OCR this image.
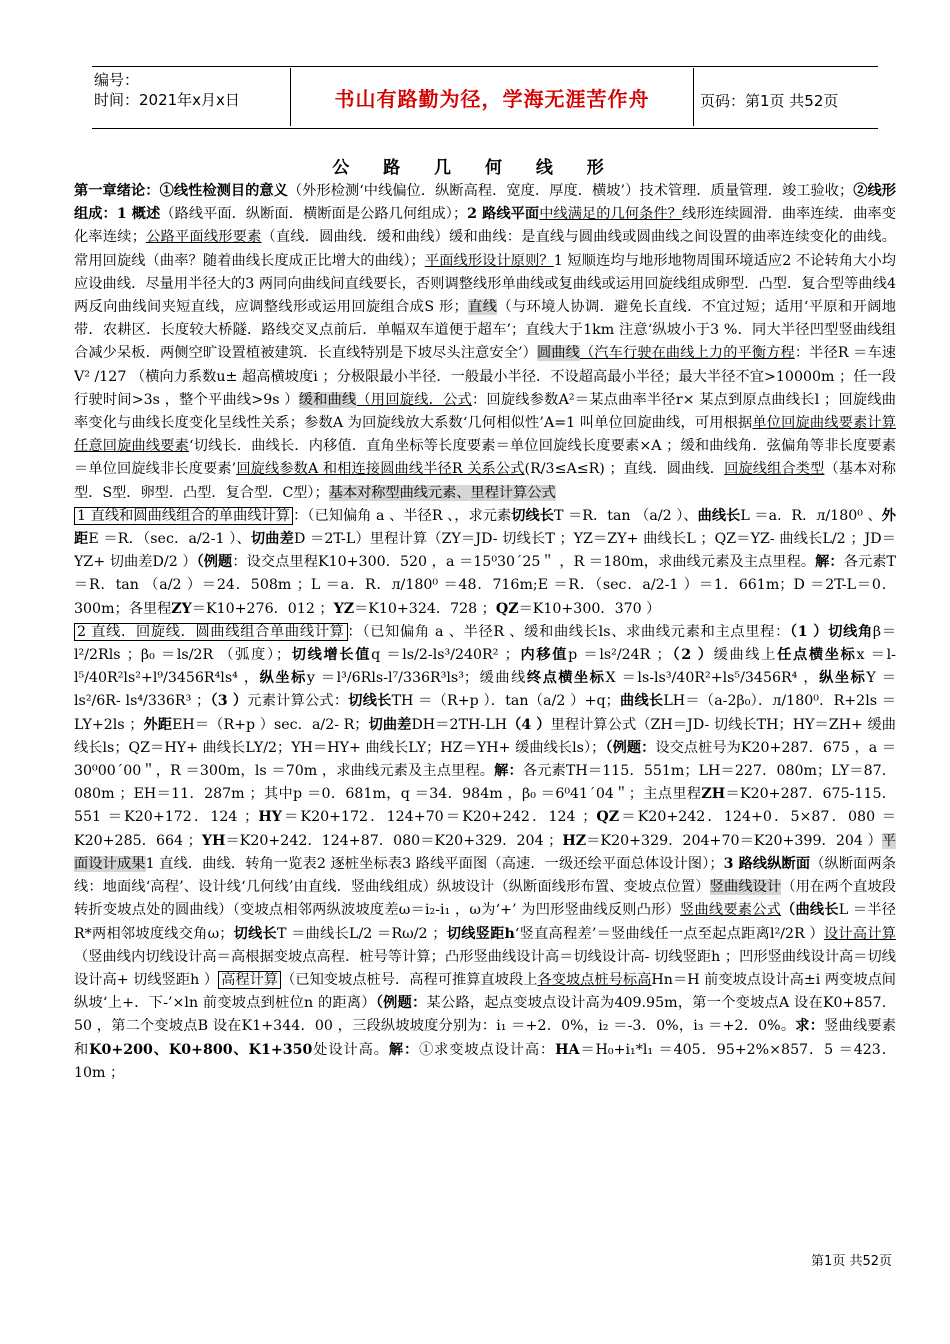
编号：
时间：2021年x月x日	书山有路勤为径，学海无涯苦作舟	页码：第1页 共52页
公 路 几 何 线 形

第一章绪论：①线性检测目的意义（外形检测‘中线偏位．纵断高程．宽度．厚度．横坡’）技术管理．质量管理．竣工验收；②线形组成：1 概述（路线平面．纵断面．横断面是公路几何组成）；2 路线平面中线满足的几何条件？线形连续圆滑．曲率连续．曲率变化率连续；公路平面线形要素（直线．圆曲线．缓和曲线）缓和曲线：是直线与圆曲线或圆曲线之间设置的曲率连续变化的曲线。常用回旋线（曲率？随着曲线长度成正比增大的曲线）；平面线形设计原则？1 短顺连均与地形地物周围环境适应2 不论转角大小均应设曲线．尽量用半径大的3 两同向曲线间直线要长，否则调整线形单曲线或复曲线或运用回旋线组成卵型．凸型．复合型等曲线4 两反向曲线间夹短直线，应调整线形或运用回旋组合成S 形；直线（与环境人协调．避免长直线．不宜过短；适用‘平原和开阔地带．农耕区．长度较大桥隧．路线交叉点前后．单幅双车道便于超车’；直线大于1km 注意‘纵坡小于3 %．同大半径凹型竖曲线组合减少呆板．两侧空旷设置植被建筑．长直线特别是下坡尽头注意安全’）圆曲线（汽车行驶在曲线上力的平衡方程：半径R ＝车速V² /127 （横向力系数u± 超高横坡度i ；分极限最小半径．一般最小半径．不设超高最小半径；最大半径不宜>10000m ；任一段行驶时间>3s ，整个平曲线>9s ）缓和曲线（用回旋线．公式：回旋线参数A²＝某点曲率半径r× 某点到原点曲线长l ；回旋线曲率变化与曲线长度变化呈线性关系；参数A 为回旋线放大系数‘几何相似性’A=1 叫单位回旋曲线，可用根据单位回旋曲线要素计算任意回旋曲线要素‘切线长．曲线长．内移值．直角坐标等长度要素＝单位回旋线长度要素×A ；缓和曲线角．弦偏角等非长度要素＝单位回旋线非长度要素’回旋线参数A 和相连接圆曲线半径R 关系公式(R/3≤A≤R) ；直线．圆曲线．回旋线组合类型（基本对称型．S型．卵型．凸型．复合型．C型）；基本对称型曲线元素、里程计算公式

1 直线和圆曲线组合的单曲线计算 ：（已知偏角 a 、半径R 、，求元素切线长T ＝R．tan （a/2 ）、曲线长L ＝a．R．л/180⁰ 、外距E ＝R．（sec．a/2-1 ）、切曲差D ＝2T-L）里程计算（ZY＝JD- 切线长T ；YZ＝ZY+ 曲线长L ；QZ＝YZ- 曲线长L/2 ；JD＝YZ+ 切曲差D/2 ）（例题：设交点里程K10+300．520 ，a ＝15⁰30ˊ25＂ ，R ＝180m，求曲线元素及主点里程。解：各元素T ＝R．tan （a/2 ）＝24．508m ；L ＝a．R．л/180⁰ ＝48．716m;E ＝R．（sec．a/2-1 ）＝1．661m；D ＝2T-L＝0．300m；各里程ZY＝K10+276．012 ；YZ＝K10+324．728 ；QZ＝K10+300．370 ）

2 直线．回旋线．圆曲线组合单曲线计算 ：（已知偏角 a 、半径R 、缓和曲线长ls、求曲线元素和主点里程：（1 ）切线角β＝l²/2Rls ；β₀ ＝ls/2R （弧度）；切线增长值q ＝ls/2-ls³/240R² ；内移值p ＝ls²/24R ；（2 ）缓曲线上任点横坐标x ＝l-l⁵/40R²ls²+l⁹/3456R⁴ls⁴ ，纵坐标y ＝l³/6Rls-l⁷/336R³ls³；缓曲线终点横坐标X ＝ls-ls³/40R²+ls⁵/3456R⁴ ，纵坐标Y ＝ls²/6R- ls⁴/336R³ ；（3 ）元素计算公式：切线长TH ＝（R+p ）．tan（a/2 ）+q；曲线长LH＝（a-2β₀）．л/180⁰．R+2ls ＝LY+2ls ；外距EH＝（R+p ）sec．a/2- R；切曲差DH＝2TH-LH（4 ）里程计算公式（ZH＝JD- 切线长TH；HY＝ZH+ 缓曲线长ls；QZ＝HY+ 曲线长LY/2；YH＝HY+ 曲线长LY；HZ＝YH+ 缓曲线长ls）；（例题：设交点桩号为K20+287．675 ，a ＝30⁰00ˊ00＂，R ＝300m，ls ＝70m ，求曲线元素及主点里程。解：各元素TH＝115．551m；LH＝227．080m；LY＝87．080m ；EH＝11．287m ；其中p ＝0．681m，q ＝34．984m ，β₀ ＝6⁰41ˊ04＂；主点里程ZH＝K20+287．675-115．551 ＝K20+172．124 ；HY＝K20+172．124+70＝K20+242．124 ；QZ＝K20+242．124+0．5×87．080 ＝K20+285．664 ；YH＝K20+242．124+87．080＝K20+329．204 ；HZ＝K20+329．204+70＝K20+399．204 ）平面设计成果1 直线．曲线．转角一览表2 逐桩坐标表3 路线平面图（高速．一级还绘平面总体设计图）；3 路线纵断面（纵断面两条线：地面线‘高程’、设计线‘几何线’由直线．竖曲线组成）纵坡设计（纵断面线形布置、变坡点位置）竖曲线设计（用在两个直坡段转折变坡点处的圆曲线）（变坡点相邻两纵波坡度差ω＝i₂-i₁ ，ω为‘+’ 为凹形竖曲线反则凸形）竖曲线要素公式（曲线长L ＝半径R*两相邻坡度线交角ω；切线长T ＝曲线长L/2 ＝Rω/2 ；切线竖距h‘竖直高程差’＝竖曲线任一点至起点距离l²/2R ）设计高计算（竖曲线内切线设计高＝高根据变坡点高程．桩号等计算；凸形竖曲线设计高＝切线设计高- 切线竖距h ；凹形竖曲线设计高＝切线设计高+ 切线竖距h ） 高程计算 （已知变坡点桩号．高程可推算直坡段上各变坡点桩号标高Hn＝H 前变坡点设计高±i 两变坡点间纵坡‘上+．下-’×ln 前变坡点到桩位n 的距离）（例题：某公路，起点变坡点设计高为409.95m，第一个变坡点A 设在K0+857．50 ，第二个变坡点B 设在K1+344．00 ，三段纵坡坡度分别为：i₁ ＝+2．0%，i₂ ＝-3．0%，i₃ ＝+2．0%。求：竖曲线要素和K0+200、K0+800、K1+350处设计高。解：①求变坡点设计高：HA＝H₀+i₁*l₁ ＝405．95+2%×857．5 ＝423．10m ；

第1页 共52页
